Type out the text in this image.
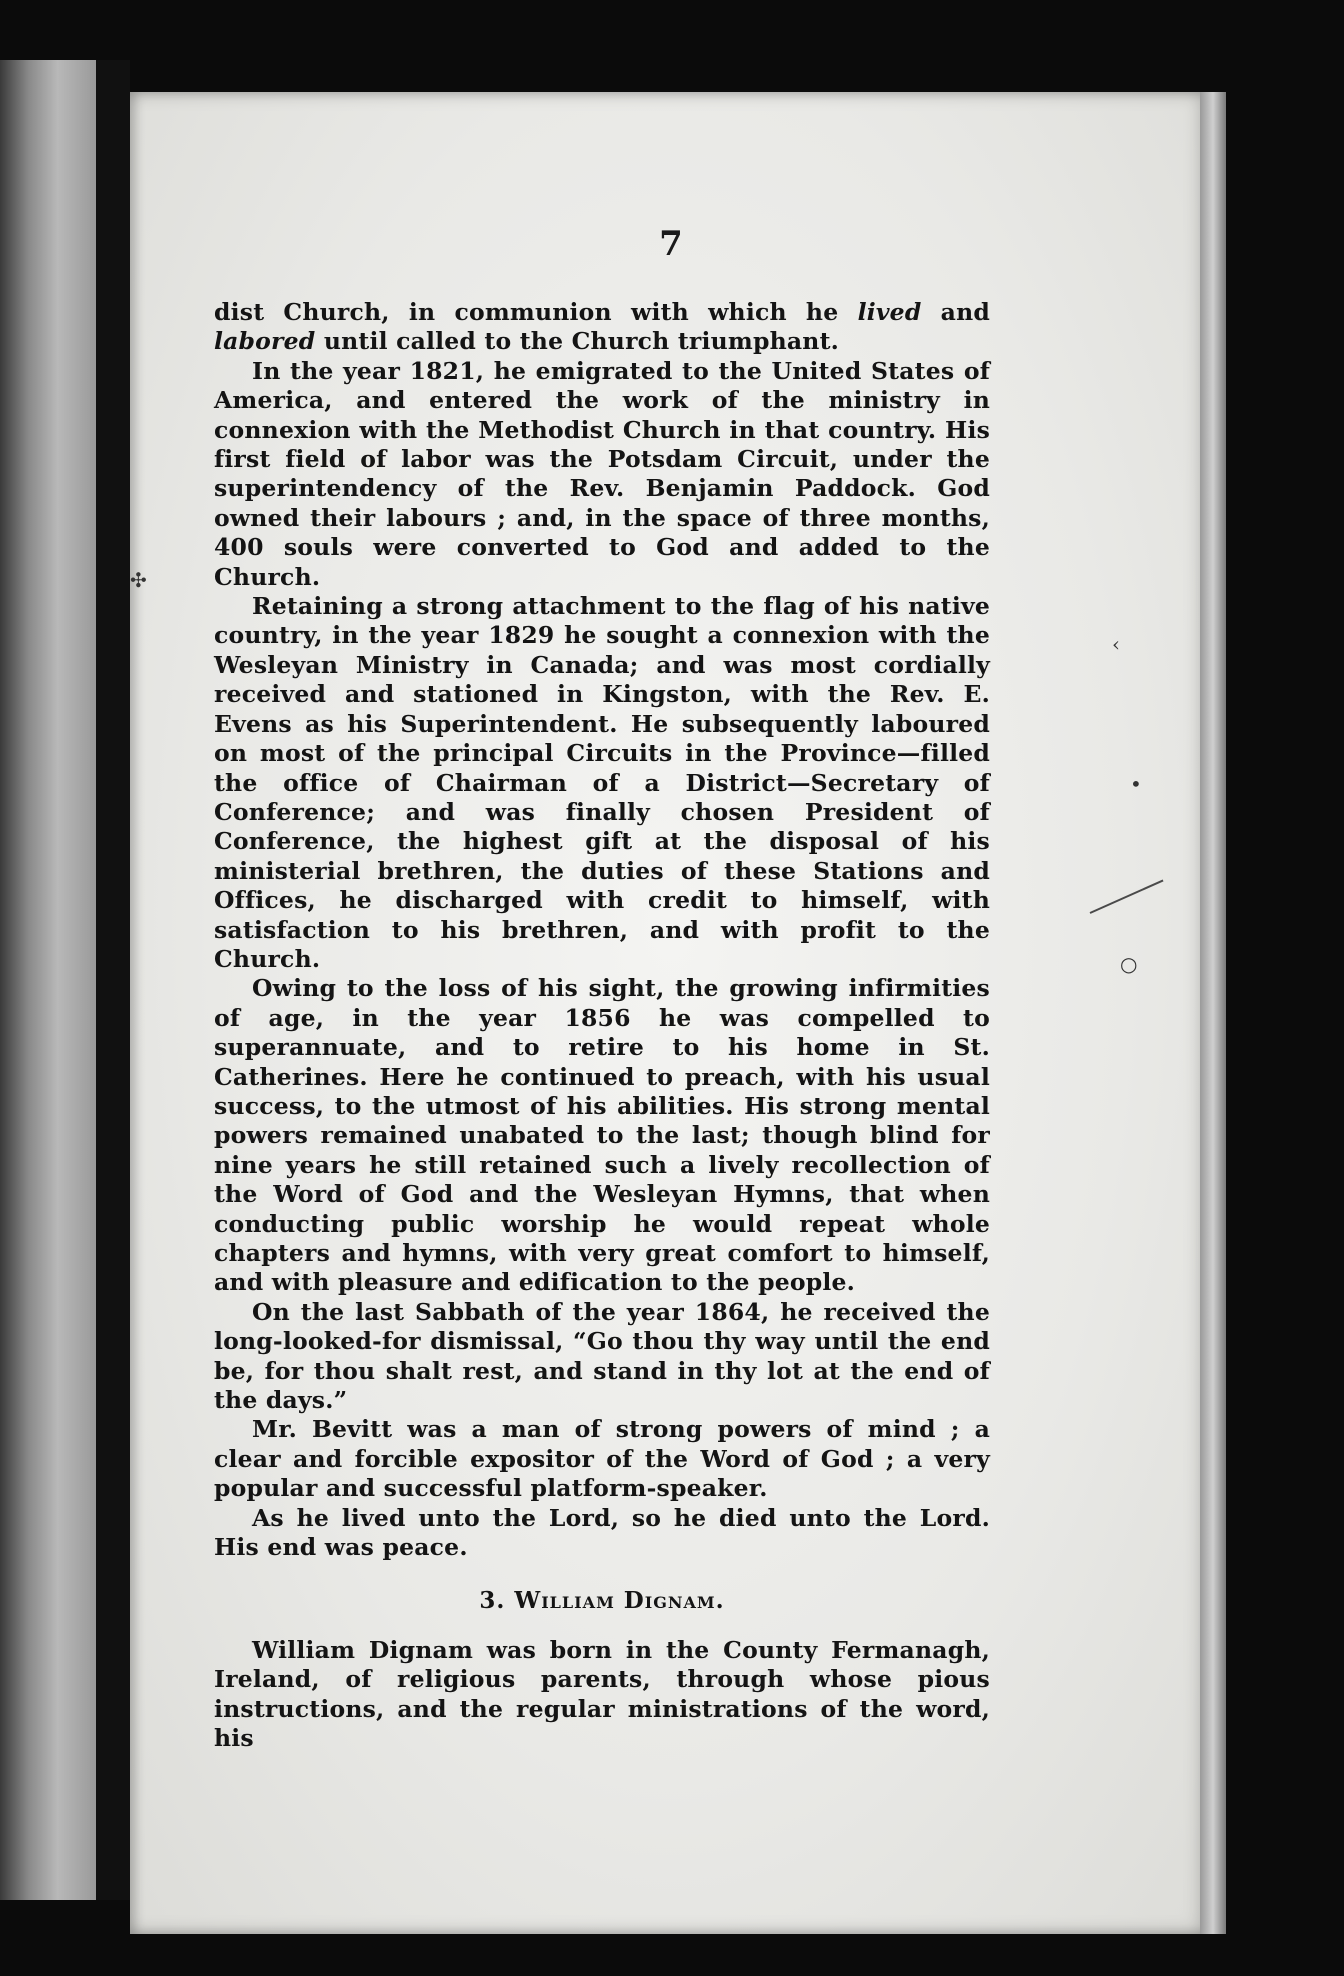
7

dist Church, in communion with which he lived and labored until called to the Church triumphant.

In the year 1821, he emigrated to the United States of America, and entered the work of the ministry in connexion with the Methodist Church in that country. His first field of labor was the Potsdam Circuit, under the superintendency of the Rev. Benjamin Paddock. God owned their labours ; and, in the space of three months, 400 souls were converted to God and added to the Church.

Retaining a strong attachment to the flag of his native country, in the year 1829 he sought a connexion with the Wesleyan Ministry in Canada; and was most cordially received and stationed in Kingston, with the Rev. E. Evens as his Superintendent. He subsequently laboured on most of the principal Circuits in the Province—filled the office of Chairman of a District—Secretary of Conference; and was finally chosen President of Conference, the highest gift at the disposal of his ministerial brethren, the duties of these Stations and Offices, he discharged with credit to himself, with satisfaction to his brethren, and with profit to the Church.

Owing to the loss of his sight, the growing infirmities of age, in the year 1856 he was compelled to superannuate, and to retire to his home in St. Catherines. Here he continued to preach, with his usual success, to the utmost of his abilities. His strong mental powers remained unabated to the last; though blind for nine years he still retained such a lively recollection of the Word of God and the Wesleyan Hymns, that when conducting public worship he would repeat whole chapters and hymns, with very great comfort to himself, and with pleasure and edification to the people.

On the last Sabbath of the year 1864, he received the long-looked-for dismissal, “Go thou thy way until the end be, for thou shalt rest, and stand in thy lot at the end of the days.”

Mr. Bevitt was a man of strong powers of mind ; a clear and forcible expositor of the Word of God ; a very popular and successful platform-speaker.

As he lived unto the Lord, so he died unto the Lord. His end was peace.

3. William Dignam.

William Dignam was born in the County Fermanagh, Ireland, of religious parents, through whose pious instructions, and the regular ministrations of the word, his

✣
‹
•
○
